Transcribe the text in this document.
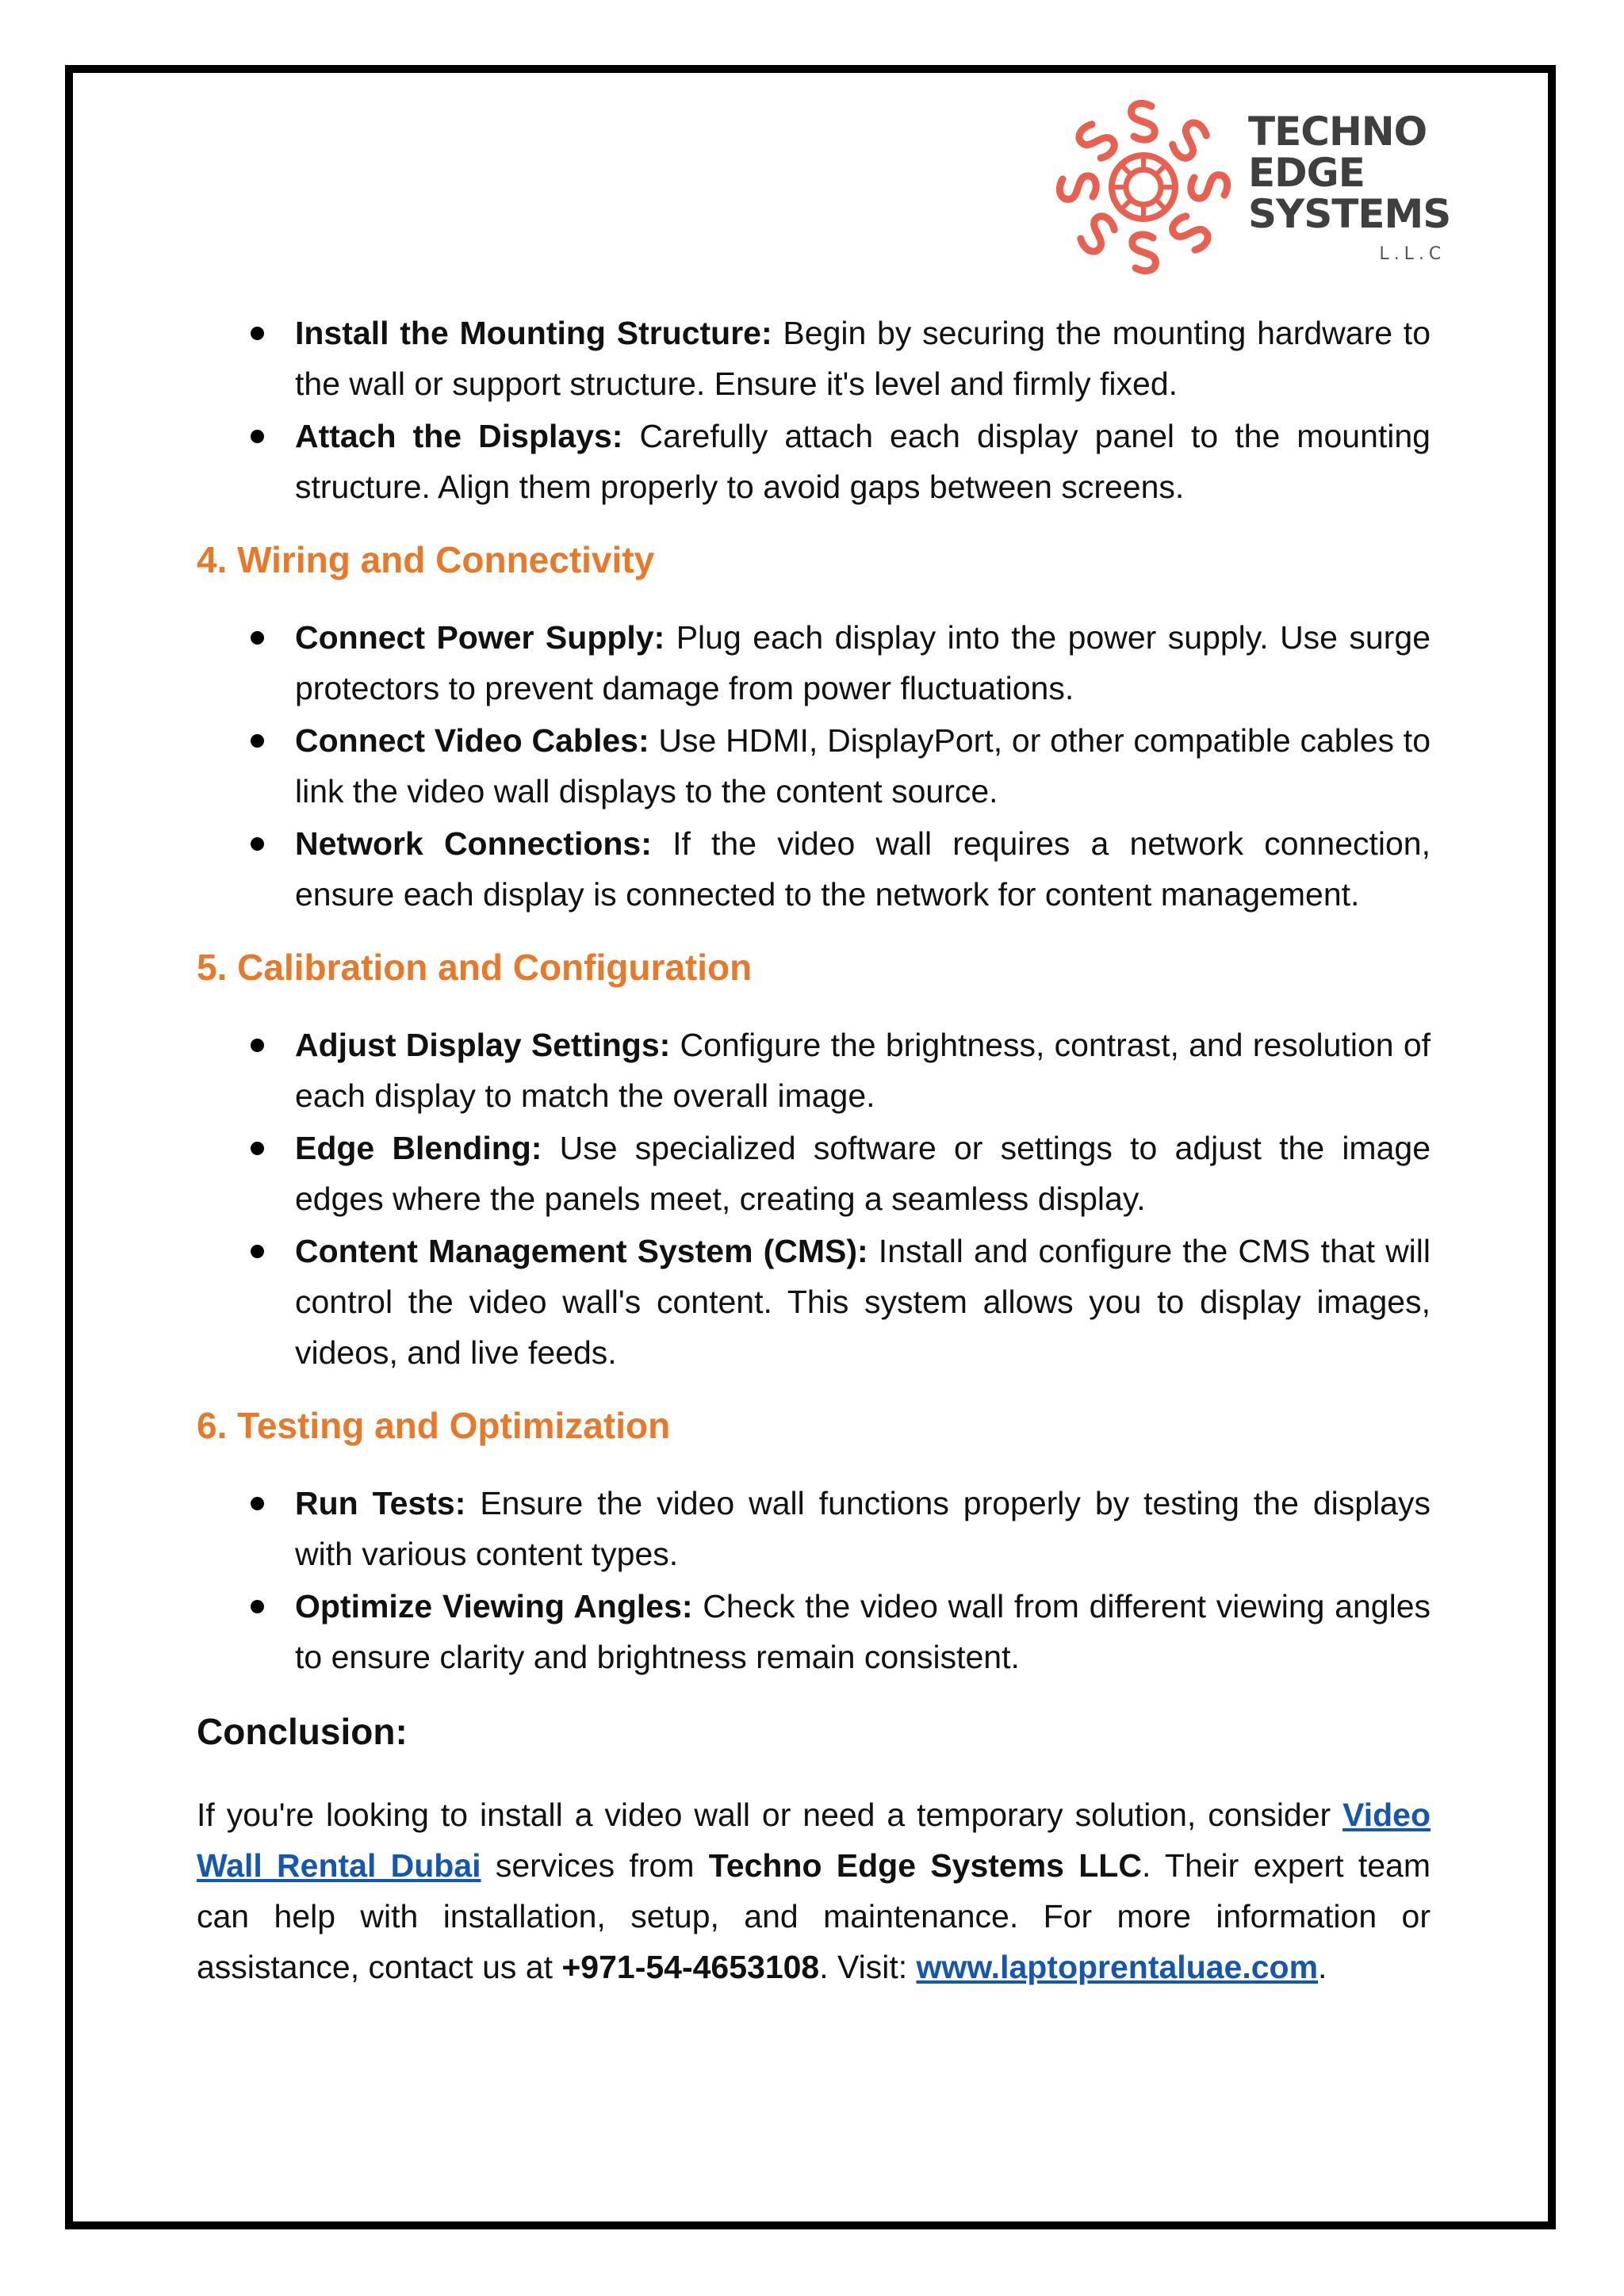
TECHNO
EDGE
SYSTEMS
L.L.C
Install the Mounting Structure: Begin by securing the mounting hardware to the wall or support structure. Ensure it's level and firmly fixed.
Attach the Displays: Carefully attach each display panel to the mounting structure. Align them properly to avoid gaps between screens.
4. Wiring and Connectivity
Connect Power Supply: Plug each display into the power supply. Use surge protectors to prevent damage from power fluctuations.
Connect Video Cables: Use HDMI, DisplayPort, or other compatible cables to link the video wall displays to the content source.
Network Connections: If the video wall requires a network connection, ensure each display is connected to the network for content management.
5. Calibration and Configuration
Adjust Display Settings: Configure the brightness, contrast, and resolution of each display to match the overall image.
Edge Blending: Use specialized software or settings to adjust the image edges where the panels meet, creating a seamless display.
Content Management System (CMS): Install and configure the CMS that will control the video wall's content. This system allows you to display images, videos, and live feeds.
6. Testing and Optimization
Run Tests: Ensure the video wall functions properly by testing the displays with various content types.
Optimize Viewing Angles: Check the video wall from different viewing angles to ensure clarity and brightness remain consistent.
Conclusion:

If you're looking to install a video wall or need a temporary solution, consider Video Wall Rental Dubai services from Techno Edge Systems LLC. Their expert team can help with installation, setup, and maintenance. For more information or assistance, contact us at +971-54-4653108. Visit: www.laptoprentaluae.com.
